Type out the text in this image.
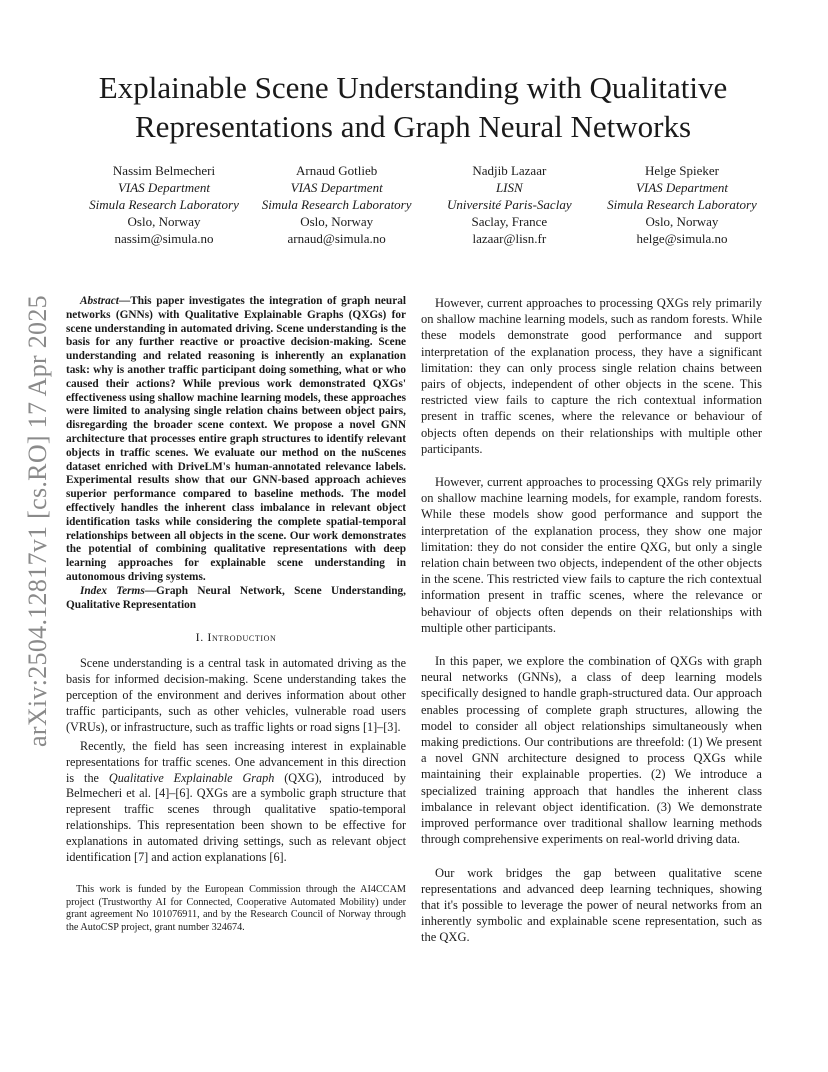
arXiv:2504.12817v1 [cs.RO] 17 Apr 2025
Explainable Scene Understanding with Qualitative Representations and Graph Neural Networks
Nassim Belmecheri
VIAS Department
Simula Research Laboratory
Oslo, Norway
nassim@simula.no
Arnaud Gotlieb
VIAS Department
Simula Research Laboratory
Oslo, Norway
arnaud@simula.no
Nadjib Lazaar
LISN
Université Paris-Saclay
Saclay, France
lazaar@lisn.fr
Helge Spieker
VIAS Department
Simula Research Laboratory
Oslo, Norway
helge@simula.no

Abstract—This paper investigates the integration of graph neural networks (GNNs) with Qualitative Explainable Graphs (QXGs) for scene understanding in automated driving. Scene understanding is the basis for any further reactive or proactive decision-making. Scene understanding and related reasoning is inherently an explanation task: why is another traffic participant doing something, what or who caused their actions? While previous work demonstrated QXGs' effectiveness using shallow machine learning models, these approaches were limited to analysing single relation chains between object pairs, disregarding the broader scene context. We propose a novel GNN architecture that processes entire graph structures to identify relevant objects in traffic scenes. We evaluate our method on the nuScenes dataset enriched with DriveLM's human-annotated relevance labels. Experimental results show that our GNN-based approach achieves superior performance compared to baseline methods. The model effectively handles the inherent class imbalance in relevant object identification tasks while considering the complete spatial-temporal relationships between all objects in the scene. Our work demonstrates the potential of combining qualitative representations with deep learning approaches for explainable scene understanding in autonomous driving systems.

Index Terms—Graph Neural Network, Scene Understanding, Qualitative Representation

I. Introduction

Scene understanding is a central task in automated driving as the basis for informed decision-making. Scene understanding takes the perception of the environment and derives information about other traffic participants, such as other vehicles, vulnerable road users (VRUs), or infrastructure, such as traffic lights or road signs [1]–[3].

Recently, the field has seen increasing interest in explainable representations for traffic scenes. One advancement in this direction is the Qualitative Explainable Graph (QXG), introduced by Belmecheri et al. [4]–[6]. QXGs are a symbolic graph structure that represent traffic scenes through qualitative spatio-temporal relationships. This representation been shown to be effective for explanations in automated driving settings, such as relevant object identification [7] and action explanations [6].

This work is funded by the European Commission through the AI4CCAM project (Trustworthy AI for Connected, Cooperative Automated Mobility) under grant agreement No 101076911, and by the Research Council of Norway through the AutoCSP project, grant number 324674.

However, current approaches to processing QXGs rely primarily on shallow machine learning models, such as random forests. While these models demonstrate good performance and support interpretation of the explanation process, they have a significant limitation: they can only process single relation chains between pairs of objects, independent of other objects in the scene. This restricted view fails to capture the rich contextual information present in traffic scenes, where the relevance or behaviour of objects often depends on their relationships with multiple other participants.

However, current approaches to processing QXGs rely primarily on shallow machine learning models, for example, random forests. While these models show good performance and support the interpretation of the explanation process, they show one major limitation: they do not consider the entire QXG, but only a single relation chain between two objects, independent of the other objects in the scene. This restricted view fails to capture the rich contextual information present in traffic scenes, where the relevance or behaviour of objects often depends on their relationships with multiple other participants.

In this paper, we explore the combination of QXGs with graph neural networks (GNNs), a class of deep learning models specifically designed to handle graph-structured data. Our approach enables processing of complete graph structures, allowing the model to consider all object relationships simultaneously when making predictions. Our contributions are threefold: (1) We present a novel GNN architecture designed to process QXGs while maintaining their explainable properties. (2) We introduce a specialized training approach that handles the inherent class imbalance in relevant object identification. (3) We demonstrate improved performance over traditional shallow learning methods through comprehensive experiments on real-world driving data.

Our work bridges the gap between qualitative scene representations and advanced deep learning techniques, showing that it's possible to leverage the power of neural networks from an inherently symbolic and explainable scene representation, such as the QXG.
